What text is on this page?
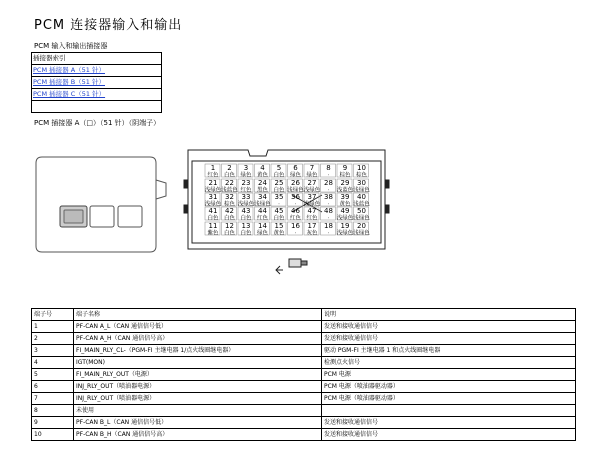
PCM 连接器输入和输出
PCM 输入和输出插接器
插接器索引
PCM 插接器 A（51 针）
PCM 插接器 B（51 针）
PCM 插接器 C（51 针）
PCM 插接器 A（□）（51 针）（阴端子）
1
红色
2
白色
3
绿色
4
黄色
5
白色
6
绿色
7
绿色
8
·
9
棕色
10
棕色
21
浅绿色
22
浅蓝色
23
红色
24
黑色
25
白色
26
浅绿色
27
浅绿色
28
·
29
浅蓝色
30
浅绿色
31
浅绿色
32
棕色
33
浅绿色
34
浅绿色
35
·
36
·
37
浅绿色
38
·
39
黄色
40
浅蓝色
41
白色
42
白色
43
白色
44
红色
45
白色
46
红色
47
红色
48
·
49
浅绿色
50
浅绿色
11
紫色
12
白色
13
白色
14
绿色
15
黄色
16
·
17
灰色
18
·
19
浅绿色
20
浅绿色
端子号	端子名称	说明
1	PF-CAN A_L（CAN 通信信号低）	发送和接收通信信号
2	PF-CAN A_H（CAN 通信信号高）	发送和接收通信信号
3	FI_MAIN_RLY_CL-（PGM-FI 主继电器 1/点火线圈继电器）	驱动 PGM-FI 主继电器 1 和点火线圈继电器
4	IGT(MON)	检测点火信号
5	FI_MAIN_RLY_OUT（电源）	PCM 电源
6	INJ_RLY_OUT（喷油器电源）	PCM 电源（喷油器驱动器）
7	INJ_RLY_OUT（喷油器电源）	PCM 电源（喷油器驱动器）
8	未使用	
9	PF-CAN B_L（CAN 通信信号低）	发送和接收通信信号
10	PF-CAN B_H（CAN 通信信号高）	发送和接收通信信号
